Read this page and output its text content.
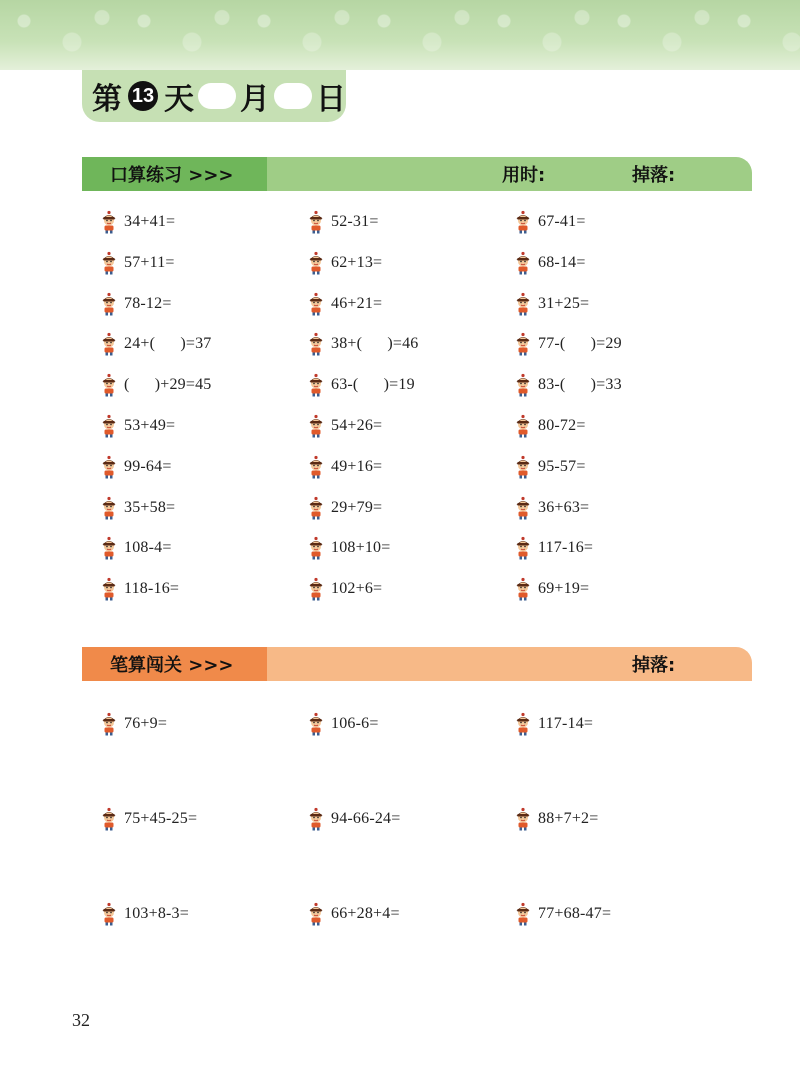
第 13 天 月 日
口算练习 >>>	用时:	掉落:
34+41=	52-31=	67-41=
57+11=	62+13=	68-14=
78-12=	46+21=	31+25=
24+(      )=37	38+(      )=46	77-(      )=29
(      )+29=45	63-(      )=19	83-(      )=33
53+49=	54+26=	80-72=
99-64=	49+16=	95-57=
35+58=	29+79=	36+63=
108-4=	108+10=	117-16=
118-16=	102+6=	69+19=
笔算闯关 >>>	掉落:
76+9=	106-6=	117-14=
75+45-25=	94-66-24=	88+7+2=
103+8-3=	66+28+4=	77+68-47=
32
